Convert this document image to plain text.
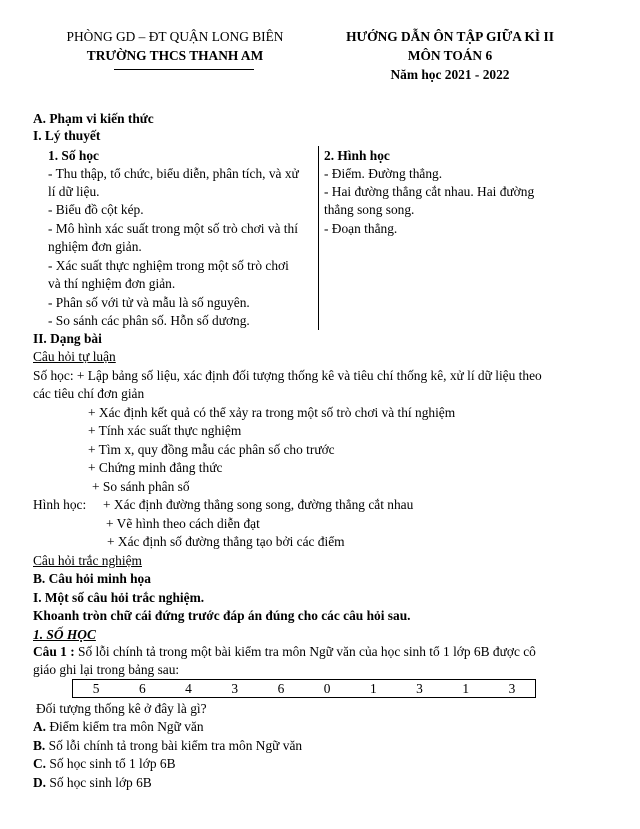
PHÒNG GD – ĐT QUẬN LONG BIÊN
TRƯỜNG THCS THANH AM
HƯỚNG DẪN ÔN TẬP GIỮA KÌ II
MÔN TOÁN 6
Năm học 2021 - 2022
A. Phạm vi kiến thức
I. Lý thuyết
1. Số học
- Thu thập, tổ chức, biểu diễn, phân tích, và xử
lí dữ liệu.
- Biểu đồ cột kép.
- Mô hình xác suất trong một số trò chơi và thí
nghiệm đơn giản.
- Xác suất thực nghiệm trong một số trò chơi
và thí nghiệm đơn giản.
- Phân số với tử và mẫu là số nguyên.
- So sánh các phân số. Hỗn số dương.
2. Hình học
- Điểm. Đường thẳng.
- Hai đường thẳng cắt nhau. Hai đường
thẳng song song.
- Đoạn thẳng.
II. Dạng bài
Câu hỏi tự luận
Số học: + Lập bảng số liệu, xác định đối tượng thống kê và tiêu chí thống kê, xử lí dữ liệu theo
các tiêu chí đơn giản
+ Xác định kết quả có thể xảy ra trong một số trò chơi và thí nghiệm
+ Tính xác suất thực nghiệm
+ Tìm x, quy đồng mẫu các phân số cho trước
+ Chứng minh đẳng thức
+ So sánh phân số
Hình học: + Xác định đường thẳng song song, đường thẳng cắt nhau
+ Vẽ hình theo cách diễn đạt
+ Xác định số đường thẳng tạo bởi các điểm
Câu hỏi trắc nghiệm
B. Câu hỏi minh họa
I. Một số câu hỏi trắc nghiệm.
Khoanh tròn chữ cái đứng trước đáp án đúng cho các câu hỏi sau.
1. SỐ HỌC
Câu 1 : Số lỗi chính tả trong một bài kiểm tra môn Ngữ văn của học sinh tổ 1 lớp 6B được cô
giáo ghi lại trong bảng sau:
5	6	4	3	6	0	1	3	1	3
Đối tượng thống kê ở đây là gì?
A. Điểm kiểm tra môn Ngữ văn
B. Số lỗi chính tả trong bài kiểm tra môn Ngữ văn
C. Số học sinh tổ 1 lớp 6B
D. Số học sinh lớp 6B
